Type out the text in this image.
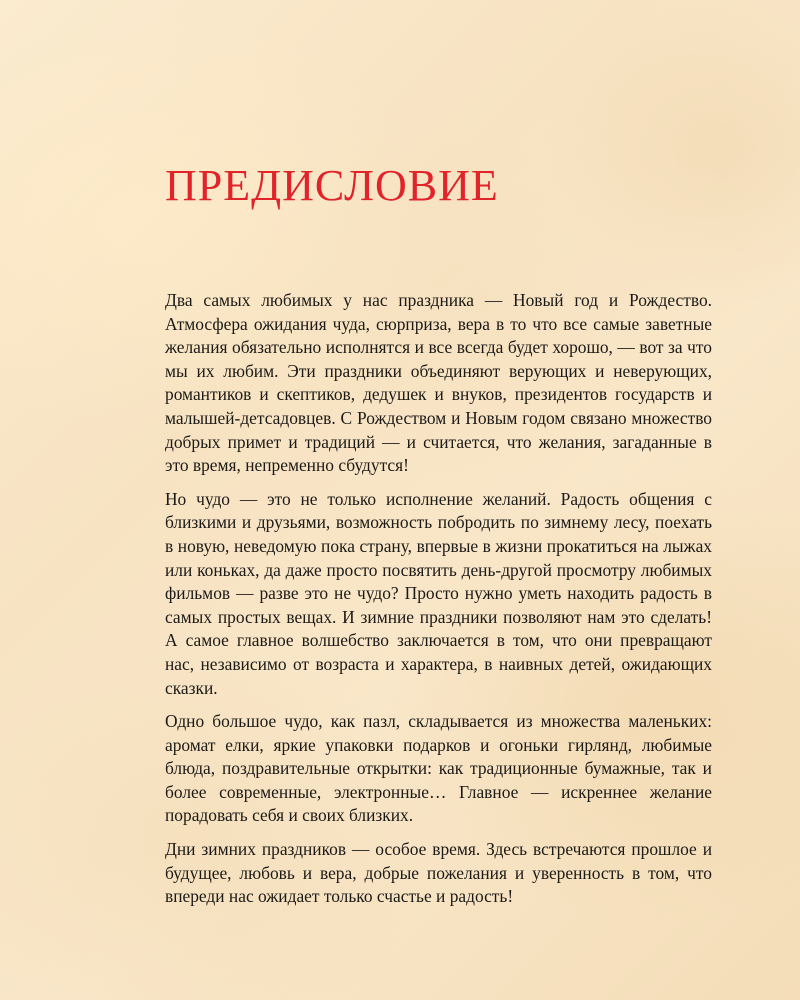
ПРЕДИСЛОВИЕ

Два самых любимых у нас праздника — Новый год и Рождество. Атмосфера ожидания чуда, сюрприза, вера в то что все самые заветные желания обязательно исполнятся и все всегда будет хорошо, — вот за что мы их любим. Эти праздники объединяют верующих и неверующих, романтиков и скептиков, дедушек и внуков, президентов государств и малышей-детсадовцев. С Рождеством и Новым годом связано множество добрых примет и традиций — и считается, что желания, загаданные в это время, непременно сбудутся!

Но чудо — это не только исполнение желаний. Радость общения с близкими и друзьями, возможность побродить по зимнему лесу, поехать в новую, неведомую пока страну, впервые в жизни прокатиться на лыжах или коньках, да даже просто посвятить день-другой просмотру любимых фильмов — разве это не чудо? Просто нужно уметь находить радость в самых простых вещах. И зимние праздники позволяют нам это сделать! А самое главное волшебство заключается в том, что они превращают нас, независимо от возраста и характера, в наивных детей, ожидающих сказки.

Одно большое чудо, как пазл, складывается из множества маленьких: аромат елки, яркие упаковки подарков и огоньки гирлянд, любимые блюда, поздравительные открытки: как традиционные бумажные, так и более современные, электронные… Главное — искреннее желание порадовать себя и своих близких.

Дни зимних праздников — особое время. Здесь встречаются прошлое и будущее, любовь и вера, добрые пожелания и уверенность в том, что впереди нас ожидает только счастье и радость!
